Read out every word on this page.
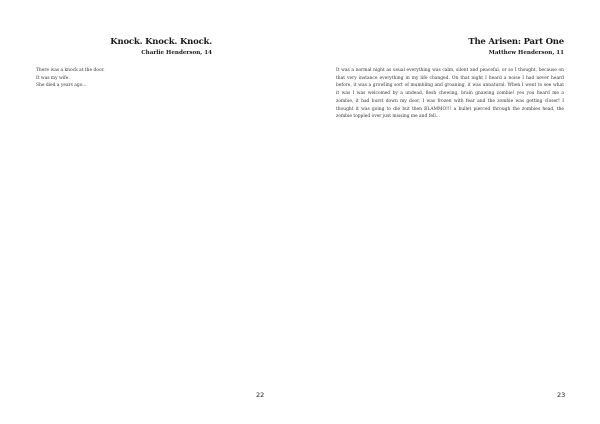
Knock. Knock. Knock.
Charlie Henderson, 14

There was a knock at the door.

It was my wife.

She died a years ago...

22
The Arisen: Part One
Matthew Henderson, 11

It was a normal night as usual everything was calm, silent and peaceful, or so I thought, because on that very instance everything in my life changed. On that night I heard a noise I had never heard before, it was a growling sort of mumbling and groaning, it was unnatural. When I went to see what it was I was welcomed by a undead, flesh chewing, brain gnawing zombie! yes you heard me a zombie, it had burst down my door, I was frozen with fear and the zombie was getting closer! I thought it was going to die but then BLAMMO!!! a bullet pierced through the zombies head, the zombie toppled over just missing me and fell...

23
